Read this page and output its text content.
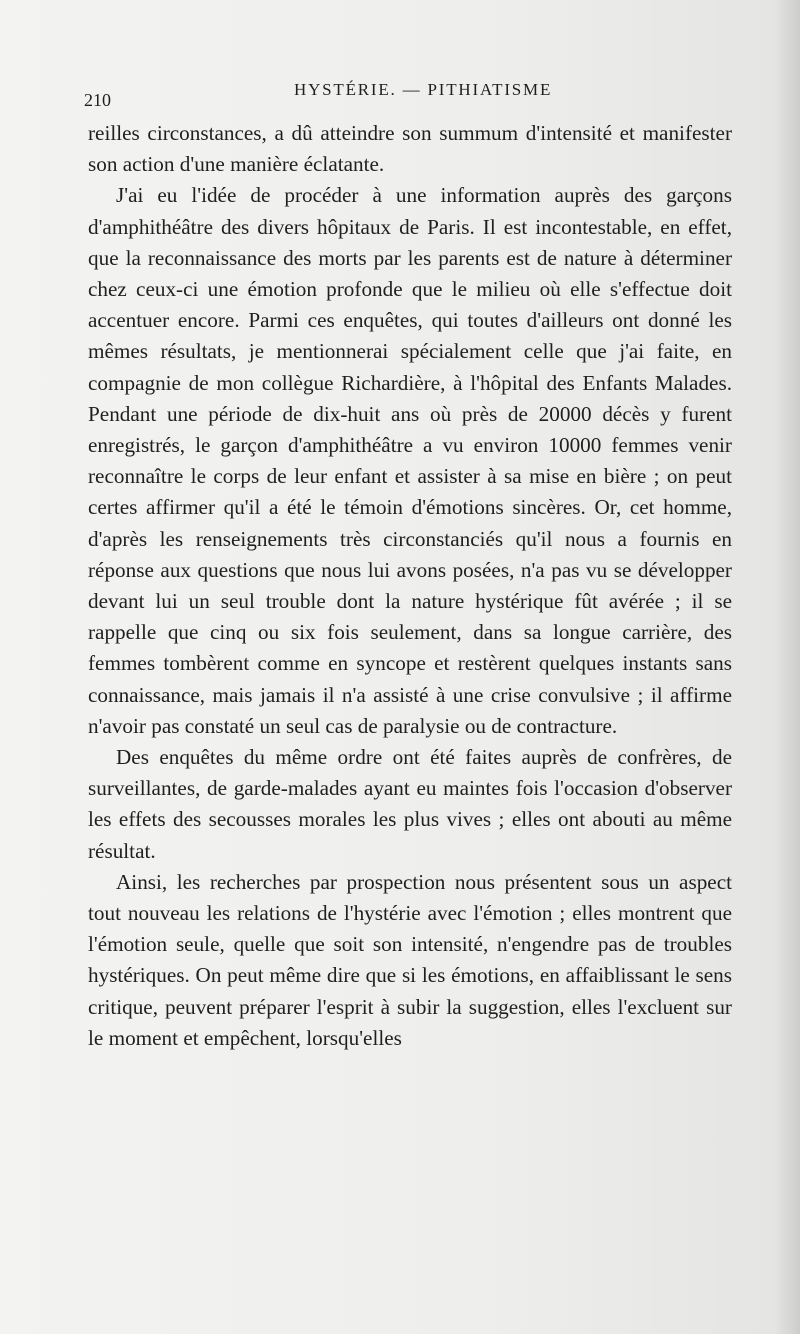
210
HYSTÉRIE. — PITHIATISME

reilles circonstances, a dû atteindre son summum d'intensité et manifester son action d'une manière éclatante.

J'ai eu l'idée de procéder à une information auprès des garçons d'amphithéâtre des divers hôpitaux de Paris. Il est incontestable, en effet, que la reconnaissance des morts par les parents est de nature à déterminer chez ceux-ci une émotion profonde que le milieu où elle s'effectue doit accentuer encore. Parmi ces enquêtes, qui toutes d'ailleurs ont donné les mêmes résultats, je mentionnerai spécialement celle que j'ai faite, en compagnie de mon collègue Richardière, à l'hôpital des Enfants Malades. Pendant une période de dix-huit ans où près de 20000 décès y furent enregistrés, le garçon d'amphithéâtre a vu environ 10000 femmes venir reconnaître le corps de leur enfant et assister à sa mise en bière ; on peut certes affirmer qu'il a été le témoin d'émotions sincères. Or, cet homme, d'après les renseignements très circonstanciés qu'il nous a fournis en réponse aux questions que nous lui avons posées, n'a pas vu se développer devant lui un seul trouble dont la nature hystérique fût avérée ; il se rappelle que cinq ou six fois seulement, dans sa longue carrière, des femmes tombèrent comme en syncope et restèrent quelques instants sans connaissance, mais jamais il n'a assisté à une crise convulsive ; il affirme n'avoir pas constaté un seul cas de paralysie ou de contracture.

Des enquêtes du même ordre ont été faites auprès de confrères, de surveillantes, de garde-malades ayant eu maintes fois l'occasion d'observer les effets des secousses morales les plus vives ; elles ont abouti au même résultat.

Ainsi, les recherches par prospection nous présentent sous un aspect tout nouveau les relations de l'hystérie avec l'émotion ; elles montrent que l'émotion seule, quelle que soit son intensité, n'engendre pas de troubles hystériques. On peut même dire que si les émotions, en affaiblissant le sens critique, peuvent préparer l'esprit à subir la suggestion, elles l'excluent sur le moment et empêchent, lorsqu'elles
